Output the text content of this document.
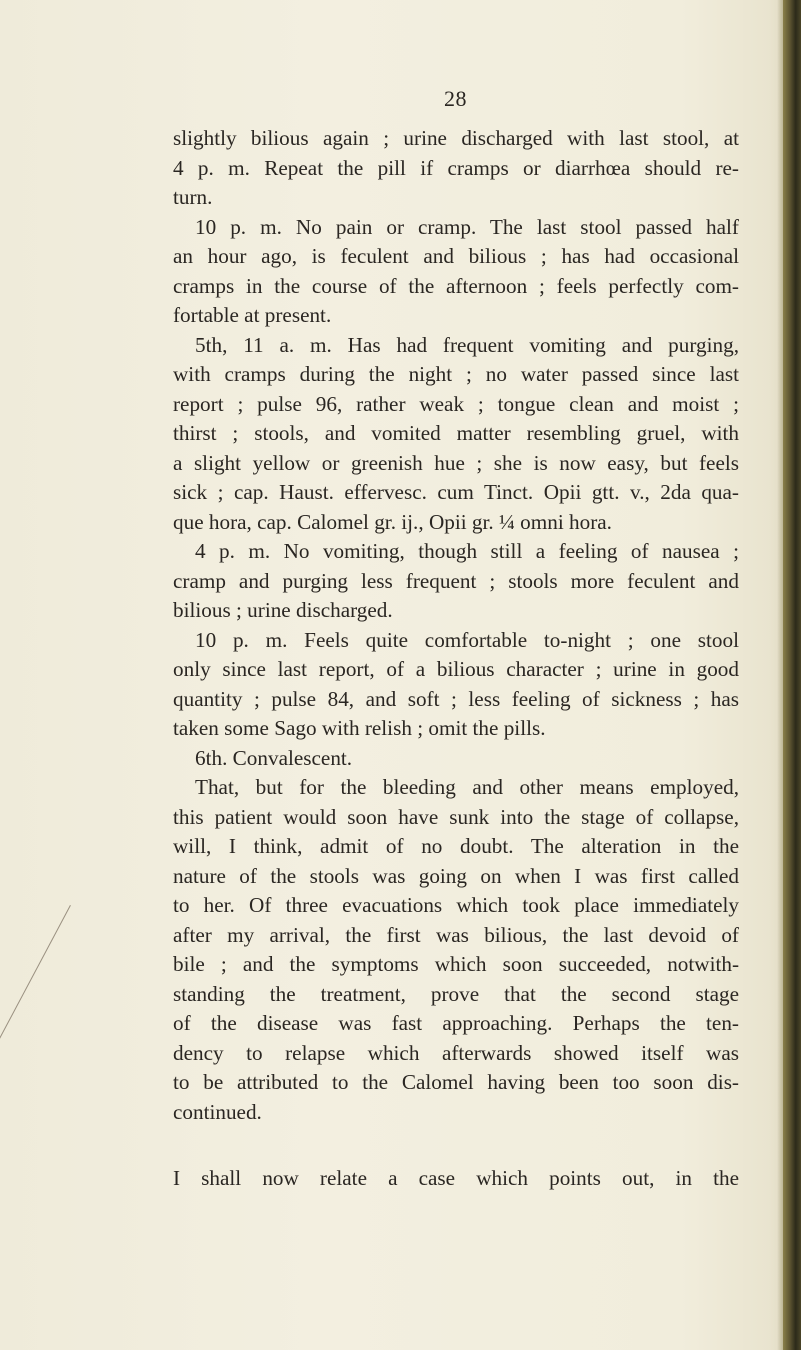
28
slightly bilious again ; urine discharged with last stool, at
4 p. m. Repeat the pill if cramps or diarrhœa should re-
turn.
10 p. m. No pain or cramp. The last stool passed half
an hour ago, is feculent and bilious ; has had occasional
cramps in the course of the afternoon ; feels perfectly com-
fortable at present.
5th, 11 a. m. Has had frequent vomiting and purging,
with cramps during the night ; no water passed since last
report ; pulse 96, rather weak ; tongue clean and moist ;
thirst ; stools, and vomited matter resembling gruel, with
a slight yellow or greenish hue ; she is now easy, but feels
sick ; cap. Haust. effervesc. cum Tinct. Opii gtt. v., 2da qua-
que hora, cap. Calomel gr. ij., Opii gr. ¼ omni hora.
4 p. m. No vomiting, though still a feeling of nausea ;
cramp and purging less frequent ; stools more feculent and
bilious ; urine discharged.
10 p. m. Feels quite comfortable to-night ; one stool
only since last report, of a bilious character ; urine in good
quantity ; pulse 84, and soft ; less feeling of sickness ; has
taken some Sago with relish ; omit the pills.
6th. Convalescent.
That, but for the bleeding and other means employed,
this patient would soon have sunk into the stage of collapse,
will, I think, admit of no doubt. The alteration in the
nature of the stools was going on when I was first called
to her. Of three evacuations which took place immediately
after my arrival, the first was bilious, the last devoid of
bile ; and the symptoms which soon succeeded, notwith-
standing the treatment, prove that the second stage
of the disease was fast approaching. Perhaps the ten-
dency to relapse which afterwards showed itself was
to be attributed to the Calomel having been too soon dis-
continued.
I shall now relate a case which points out, in the
